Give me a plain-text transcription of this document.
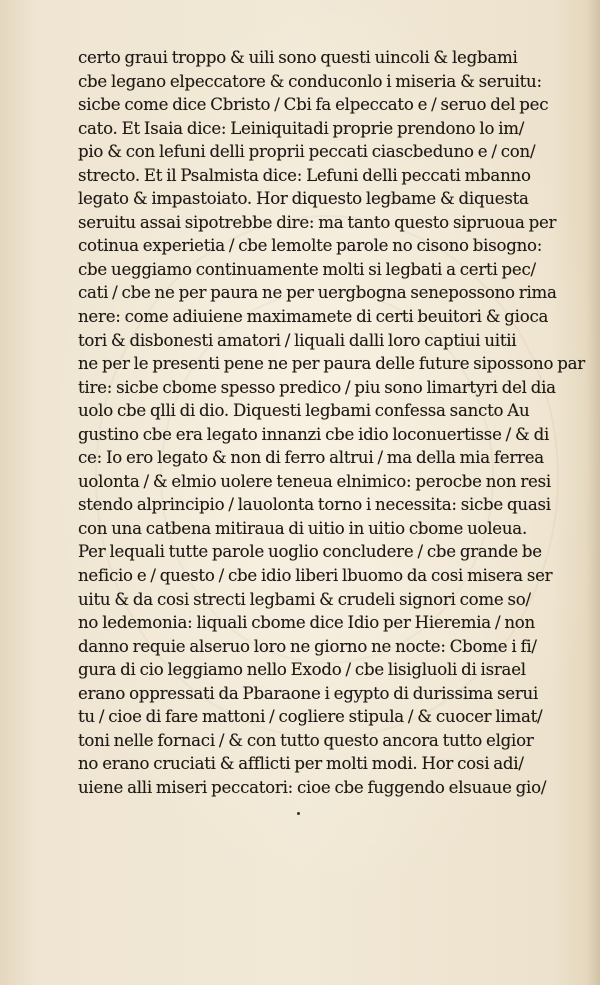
certo graui troppo & uili sono questi uincoli & legbami
cbe legano elpeccatore & conduconlo i miseria & seruitu:
sicbe come dice Cbristo / Cbi fa elpeccato e / seruo del pec
cato. Et Isaia dice: Leiniquitadi proprie prendono lo im/
pio & con lefuni delli proprii peccati ciascbeduno e / con/
strecto. Et il Psalmista dice: Lefuni delli peccati mbanno
legato & impastoiato. Hor diquesto legbame & diquesta
seruitu assai sipotrebbe dire: ma tanto questo sipruoua per
cotinua experietia / cbe lemolte parole no cisono bisogno:
cbe ueggiamo continuamente molti si legbati a certi pec/
cati / cbe ne per paura ne per uergbogna senepossono rima
nere: come adiuiene maximamete di certi beuitori & gioca
tori & disbonesti amatori / liquali dalli loro captiui uitii
ne per le presenti pene ne per paura delle future sipossono par
tire: sicbe cbome spesso predico / piu sono limartyri del dia
uolo cbe qlli di dio. Diquesti legbami confessa sancto Au
gustino cbe era legato innanzi cbe idio loconuertisse / & di
ce: Io ero legato & non di ferro altrui / ma della mia ferrea
uolonta / & elmio uolere teneua elnimico: perocbe non resi
stendo alprincipio / lauolonta torno i necessita: sicbe quasi
con una catbena mitiraua di uitio in uitio cbome uoleua.
Per lequali tutte parole uoglio concludere / cbe grande be
neficio e / questo / cbe idio liberi lbuomo da cosi misera ser
uitu & da cosi strecti legbami & crudeli signori come so/
no ledemonia: liquali cbome dice Idio per Hieremia / non
danno requie alseruo loro ne giorno ne nocte: Cbome i fi/
gura di cio leggiamo nello Exodo / cbe lisigluoli di israel
erano oppressati da Pbaraone i egypto di durissima serui
tu / cioe di fare mattoni / cogliere stipula / & cuocer limat/
toni nelle fornaci / & con tutto questo ancora tutto elgior
no erano cruciati & afflicti per molti modi. Hor cosi adi/
uiene alli miseri peccatori: cioe cbe fuggendo elsuaue gio/
